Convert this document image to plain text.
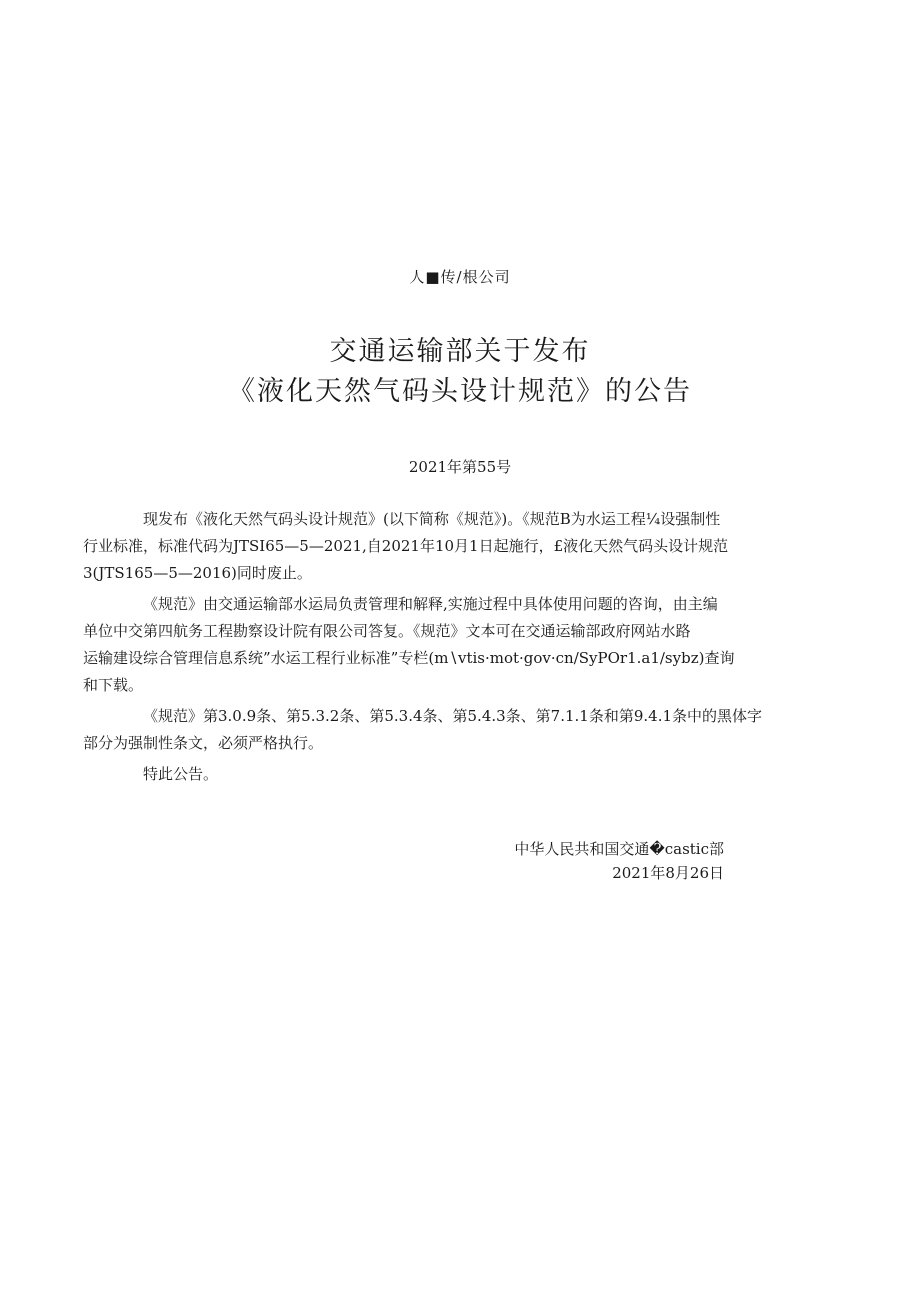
人■传/根公司
交通运输部关于发布
《液化天然气码头设计规范》的公告
2021年第55号

现发布《液化天然气码头设计规范》(以下简称《规范》)。《规范B为水运工程¼设强制性
行业标准，标准代码为JTSI65—5—2021,自2021年10月1日起施行，£液化天然气码头设计规范
3(JTS165—5—2016)同时废止。

《规范》由交通运输部水运局负责管理和解释,实施过程中具体使用问题的咨询，由主编
单位中交第四航务工程勘察设计院有限公司答复。《规范》文本可在交通运输部政府网站水路
运输建设综合管理信息系统”水运工程行业标准”专栏(m∖vtis·mot·gov·cn/SyPOr1.a1∕sybz)查询
和下载。

《规范》第3.0.9条、第5.3.2条、第5.3.4条、第5.4.3条、第7.1.1条和第9.4.1条中的黑体字
部分为强制性条文，必须严格执行。

特此公告。

中华人民共和国交通�castic部
2021年8月26日
